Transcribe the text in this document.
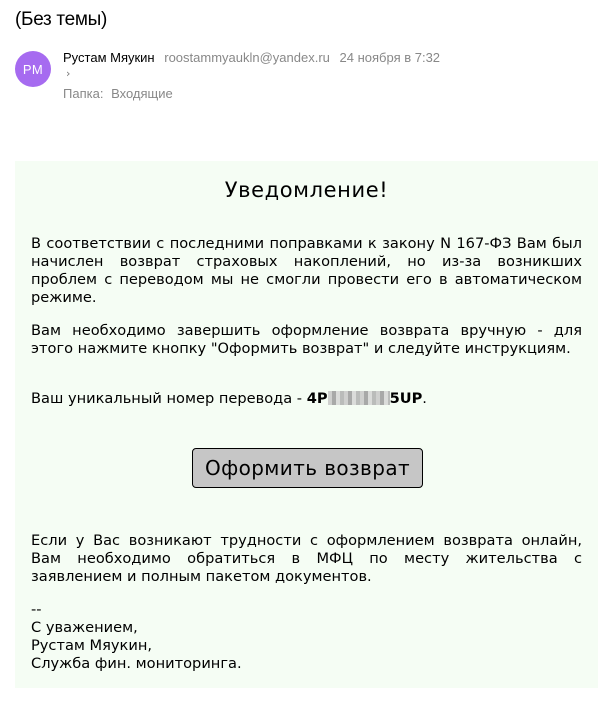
(Без темы)
РМ
Рустам Мяукин roostammyaukln@yandex.ru 24 ноября в 7:32
›
Папка: Входящие
Уведомление!
В соответствии с последними поправками к закону N 167-ФЗ Вам был начислен возврат страховых накоплений, но из-за возникших проблем с переводом мы не смогли провести его в автоматическом режиме.
Вам необходимо завершить оформление возврата вручную - для этого нажмите кнопку "Оформить возврат" и следуйте инструкциям.
Ваш уникальный номер перевода - 4P	5UP.
Оформить возврат
Если у Вас возникают трудности с оформлением возврата онлайн, Вам необходимо обратиться в МФЦ по месту жительства с заявлением и полным пакетом документов.
--
С уважением,
Рустам Мяукин,
Служба фин. мониторинга.
